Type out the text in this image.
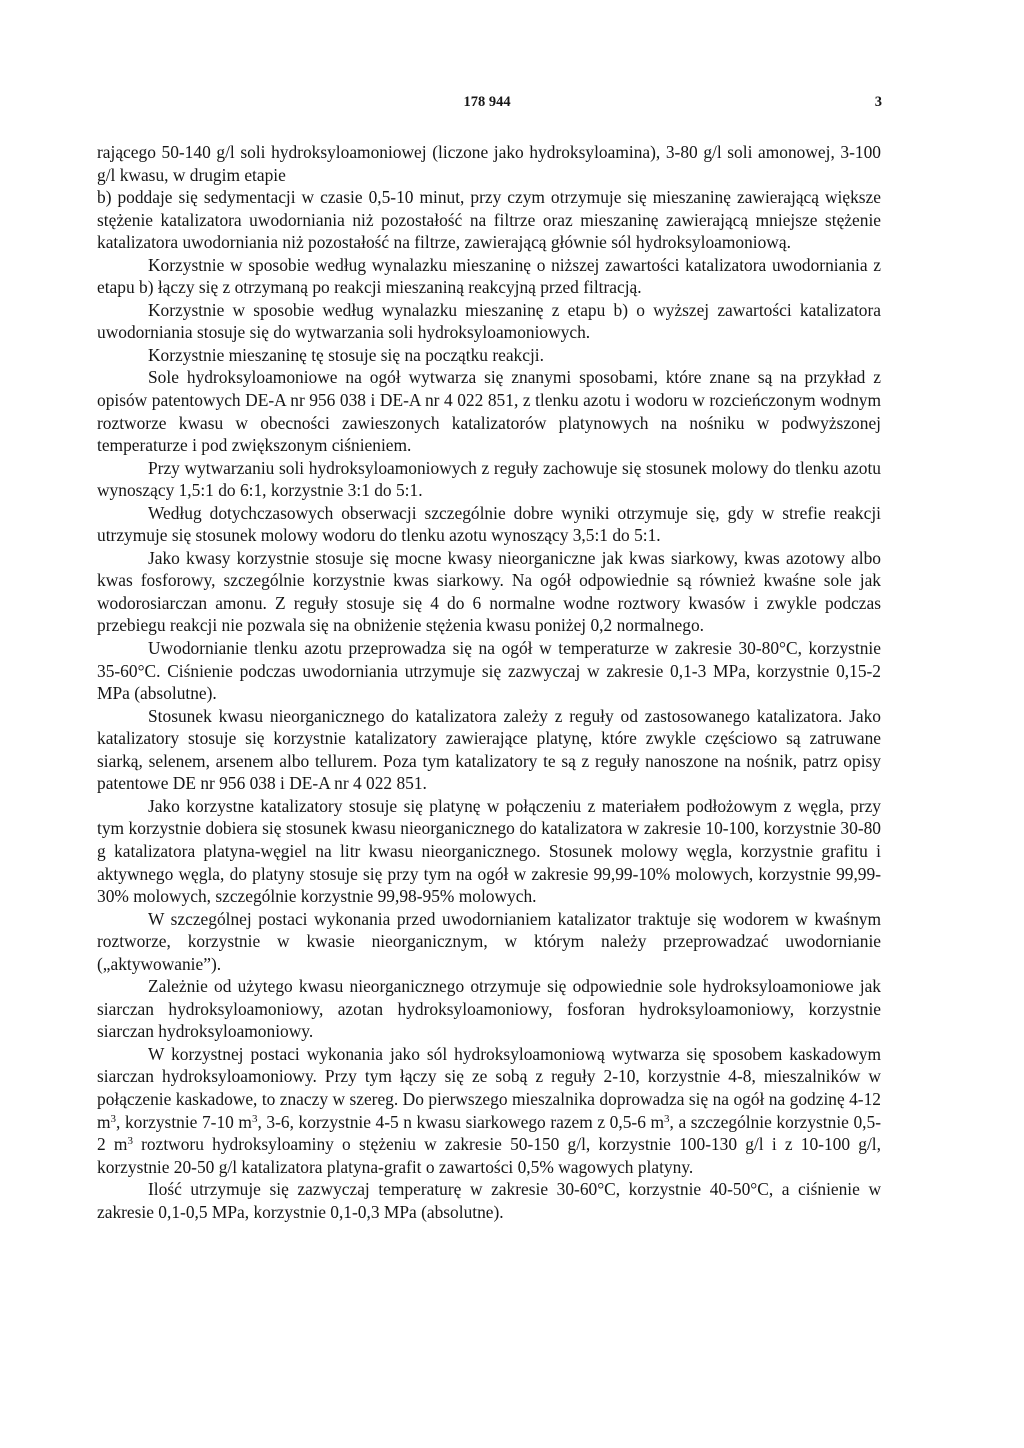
178 944	3

rającego 50-140 g/l soli hydroksyloamoniowej (liczone jako hydroksyloamina), 3-80 g/l soli amonowej, 3-100 g/l kwasu, w drugim etapie

b) poddaje się sedymentacji w czasie 0,5-10 minut, przy czym otrzymuje się mieszaninę zawierającą większe stężenie katalizatora uwodorniania niż pozostałość na filtrze oraz mieszaninę zawierającą mniejsze stężenie katalizatora uwodorniania niż pozostałość na filtrze, zawierającą głównie sól hydroksyloamoniową.

Korzystnie w sposobie według wynalazku mieszaninę o niższej zawartości katalizatora uwodorniania z etapu b) łączy się z otrzymaną po reakcji mieszaniną reakcyjną przed filtracją.

Korzystnie w sposobie według wynalazku mieszaninę z etapu b) o wyższej zawartości katalizatora uwodorniania stosuje się do wytwarzania soli hydroksyloamoniowych.

Korzystnie mieszaninę tę stosuje się na początku reakcji.

Sole hydroksyloamoniowe na ogół wytwarza się znanymi sposobami, które znane są na przykład z opisów patentowych DE-A nr 956 038 i DE-A nr 4 022 851, z tlenku azotu i wodoru w rozcieńczonym wodnym roztworze kwasu w obecności zawieszonych katalizatorów platynowych na nośniku w podwyższonej temperaturze i pod zwiększonym ciśnieniem.

Przy wytwarzaniu soli hydroksyloamoniowych z reguły zachowuje się stosunek molowy do tlenku azotu wynoszący 1,5:1 do 6:1, korzystnie 3:1 do 5:1.

Według dotychczasowych obserwacji szczególnie dobre wyniki otrzymuje się, gdy w strefie reakcji utrzymuje się stosunek molowy wodoru do tlenku azotu wynoszący 3,5:1 do 5:1.

Jako kwasy korzystnie stosuje się mocne kwasy nieorganiczne jak kwas siarkowy, kwas azotowy albo kwas fosforowy, szczególnie korzystnie kwas siarkowy. Na ogół odpowiednie są również kwaśne sole jak wodorosiarczan amonu. Z reguły stosuje się 4 do 6 normalne wodne roztwory kwasów i zwykle podczas przebiegu reakcji nie pozwala się na obniżenie stężenia kwasu poniżej 0,2 normalnego.

Uwodornianie tlenku azotu przeprowadza się na ogół w temperaturze w zakresie 30-80°C, korzystnie 35-60°C. Ciśnienie podczas uwodorniania utrzymuje się zazwyczaj w zakresie 0,1-3 MPa, korzystnie 0,15-2 MPa (absolutne).

Stosunek kwasu nieorganicznego do katalizatora zależy z reguły od zastosowanego katalizatora. Jako katalizatory stosuje się korzystnie katalizatory zawierające platynę, które zwykle częściowo są zatruwane siarką, selenem, arsenem albo tellurem. Poza tym katalizatory te są z reguły nanoszone na nośnik, patrz opisy patentowe DE nr 956 038 i DE-A nr 4 022 851.

Jako korzystne katalizatory stosuje się platynę w połączeniu z materiałem podłożowym z węgla, przy tym korzystnie dobiera się stosunek kwasu nieorganicznego do katalizatora w zakresie 10-100, korzystnie 30-80 g katalizatora platyna-węgiel na litr kwasu nieorganicznego. Stosunek molowy węgla, korzystnie grafitu i aktywnego węgla, do platyny stosuje się przy tym na ogół w zakresie 99,99-10% molowych, korzystnie 99,99-30% molowych, szczególnie korzystnie 99,98-95% molowych.

W szczególnej postaci wykonania przed uwodornianiem katalizator traktuje się wodorem w kwaśnym roztworze, korzystnie w kwasie nieorganicznym, w którym należy przeprowadzać uwodornianie („aktywowanie”).

Zależnie od użytego kwasu nieorganicznego otrzymuje się odpowiednie sole hydroksyloamoniowe jak siarczan hydroksyloamoniowy, azotan hydroksyloamoniowy, fosforan hydroksyloamoniowy, korzystnie siarczan hydroksyloamoniowy.

W korzystnej postaci wykonania jako sól hydroksyloamoniową wytwarza się sposobem kaskadowym siarczan hydroksyloamoniowy. Przy tym łączy się ze sobą z reguły 2-10, korzystnie 4-8, mieszalników w połączenie kaskadowe, to znaczy w szereg. Do pierwszego mieszalnika doprowadza się na ogół na godzinę 4-12 $m^3$, korzystnie 7-10 $m^3$, 3-6, korzystnie 4-5 n kwasu siarkowego razem z 0,5-6 $m^3$, a szczególnie korzystnie 0,5-2 $m^3$ roztworu hydroksyloaminy o stężeniu w zakresie 50-150 g/l, korzystnie 100-130 g/l i z 10-100 g/l, korzystnie 20-50 g/l katalizatora platyna-grafit o zawartości 0,5% wagowych platyny.

Ilość utrzymuje się zazwyczaj temperaturę w zakresie 30-60°C, korzystnie 40-50°C, a ciśnienie w zakresie 0,1-0,5 MPa, korzystnie 0,1-0,3 MPa (absolutne).
